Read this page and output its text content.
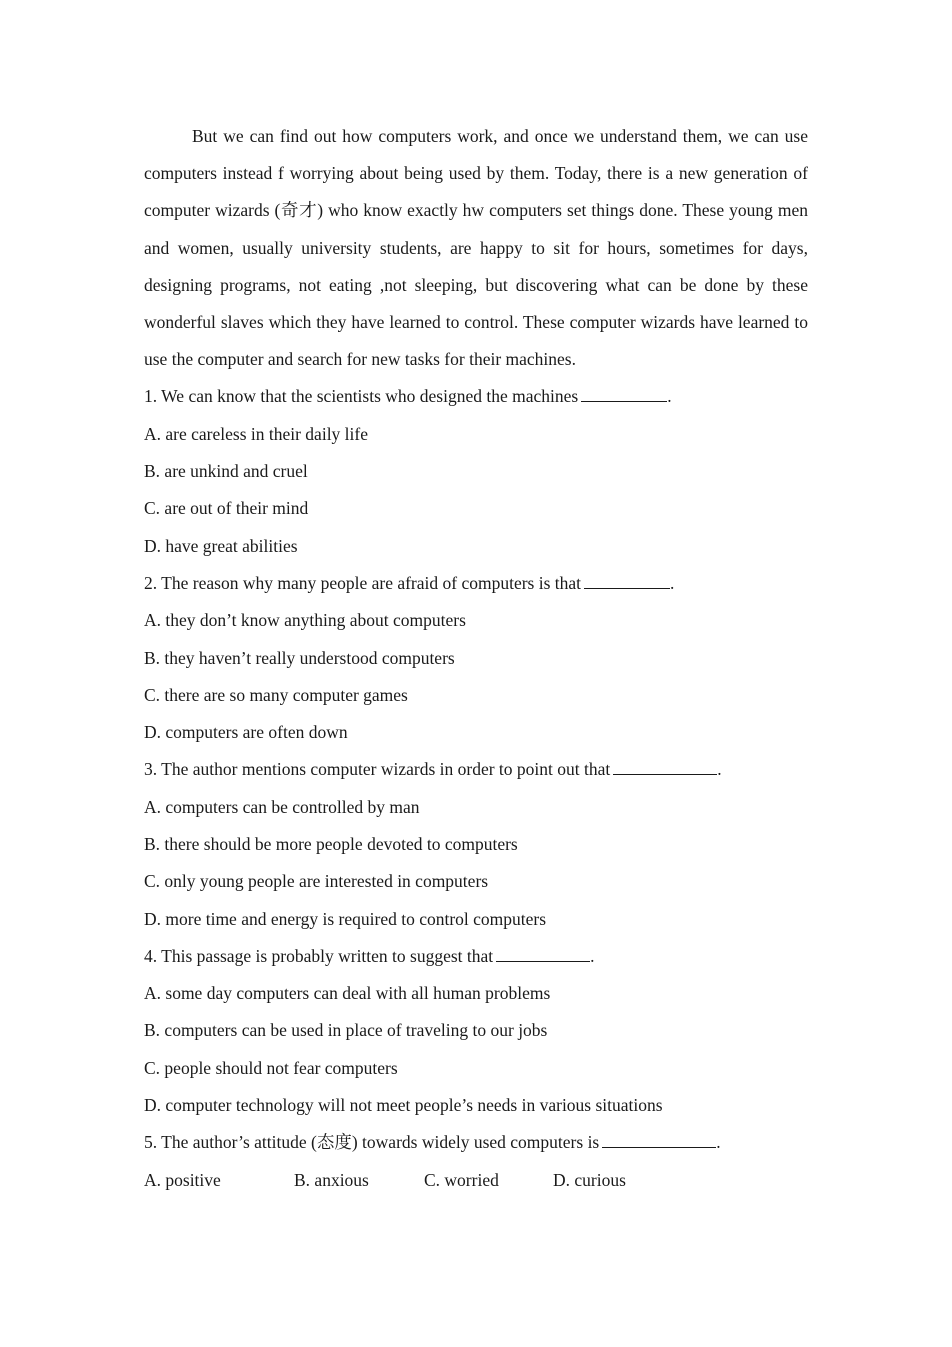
But we can find out how computers work, and once we understand them, we can use computers instead f worrying about being used by them. Today, there is a new generation of computer wizards (奇才) who know exactly hw computers set things done. These young men and women, usually university students, are happy to sit for hours, sometimes for days, designing programs, not eating ,not sleeping, but discovering what can be done by these wonderful slaves which they have learned to control. These computer wizards have learned to use the computer and search for new tasks for their machines.

1. We can know that the scientists who designed the machines	.
A. are careless in their daily life
B. are unkind and cruel
C. are out of their mind
D. have great abilities
2. The reason why many people are afraid of computers is that	.
A. they don’t know anything about computers
B. they haven’t really understood computers
C. there are so many computer games
D. computers are often down
3. The author mentions computer wizards in order to point out that	.
A. computers can be controlled by man
B. there should be more people devoted to computers
C. only young people are interested in computers
D. more time and energy is required to control computers
4. This passage is probably written to suggest that	.
A. some day computers can deal with all human problems
B. computers can be used in place of traveling to our jobs
C. people should not fear computers
D. computer technology will not meet people’s needs in various situations
5. The author’s attitude (态度) towards widely used computers is	.
A. positive	B. anxious	C. worried	D. curious
